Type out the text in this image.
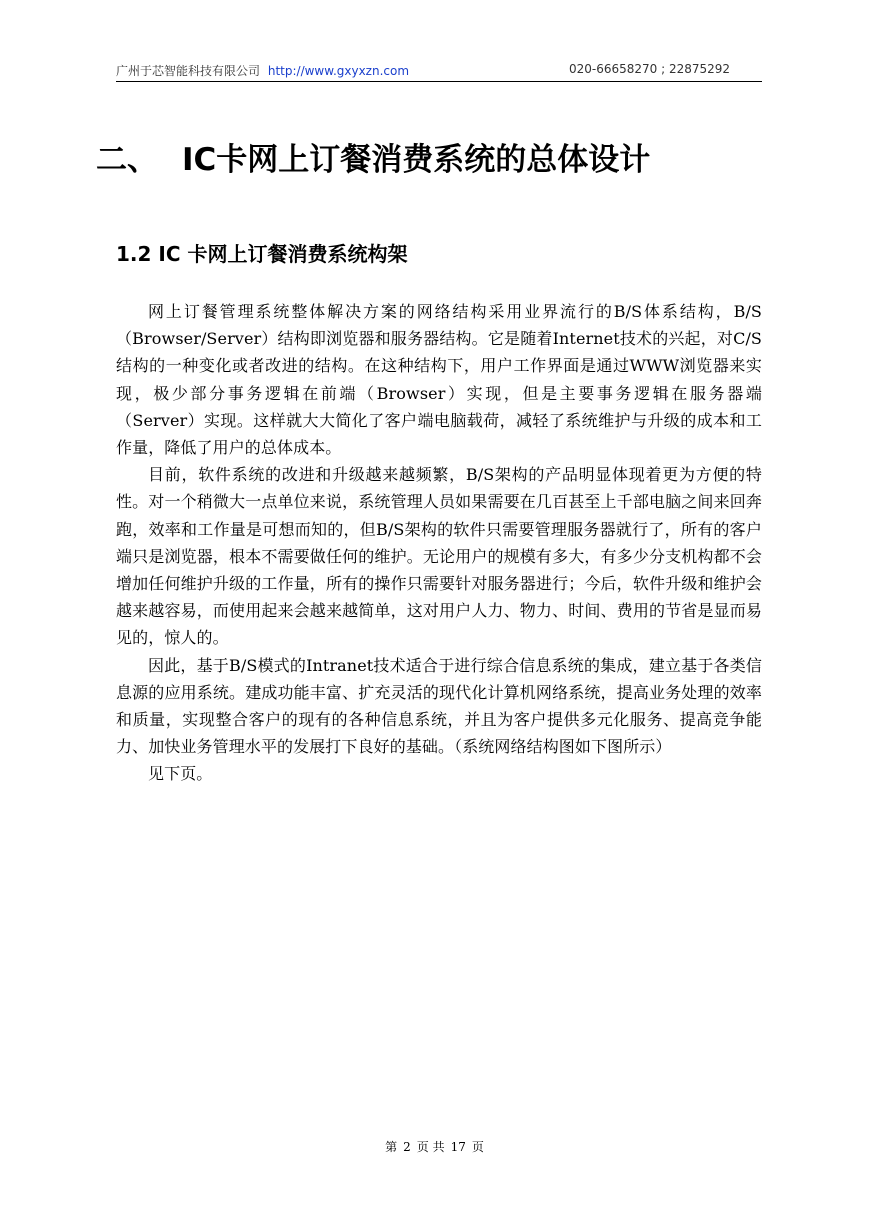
广州于芯智能科技有限公司 http://www.gxyxzn.com	020-66658270 ; 22875292
二、 IC卡网上订餐消费系统的总体设计
1.2 IC 卡网上订餐消费系统构架

网上订餐管理系统整体解决方案的网络结构采用业界流行的B/S体系结构，B/S（Browser/Server）结构即浏览器和服务器结构。它是随着Internet技术的兴起，对C/S结构的一种变化或者改进的结构。在这种结构下，用户工作界面是通过WWW浏览器来实现，极少部分事务逻辑在前端（Browser）实现，但是主要事务逻辑在服务器端（Server）实现。这样就大大简化了客户端电脑载荷，减轻了系统维护与升级的成本和工作量，降低了用户的总体成本。

目前，软件系统的改进和升级越来越频繁，B/S架构的产品明显体现着更为方便的特性。对一个稍微大一点单位来说，系统管理人员如果需要在几百甚至上千部电脑之间来回奔跑，效率和工作量是可想而知的，但B/S架构的软件只需要管理服务器就行了，所有的客户端只是浏览器，根本不需要做任何的维护。无论用户的规模有多大，有多少分支机构都不会增加任何维护升级的工作量，所有的操作只需要针对服务器进行；今后，软件升级和维护会越来越容易，而使用起来会越来越简单，这对用户人力、物力、时间、费用的节省是显而易见的，惊人的。

因此，基于B/S模式的Intranet技术适合于进行综合信息系统的集成，建立基于各类信息源的应用系统。建成功能丰富、扩充灵活的现代化计算机网络系统，提高业务处理的效率和质量，实现整合客户的现有的各种信息系统，并且为客户提供多元化服务、提高竞争能力、加快业务管理水平的发展打下良好的基础。（系统网络结构图如下图所示）

见下页。

第 2 页 共 17 页
